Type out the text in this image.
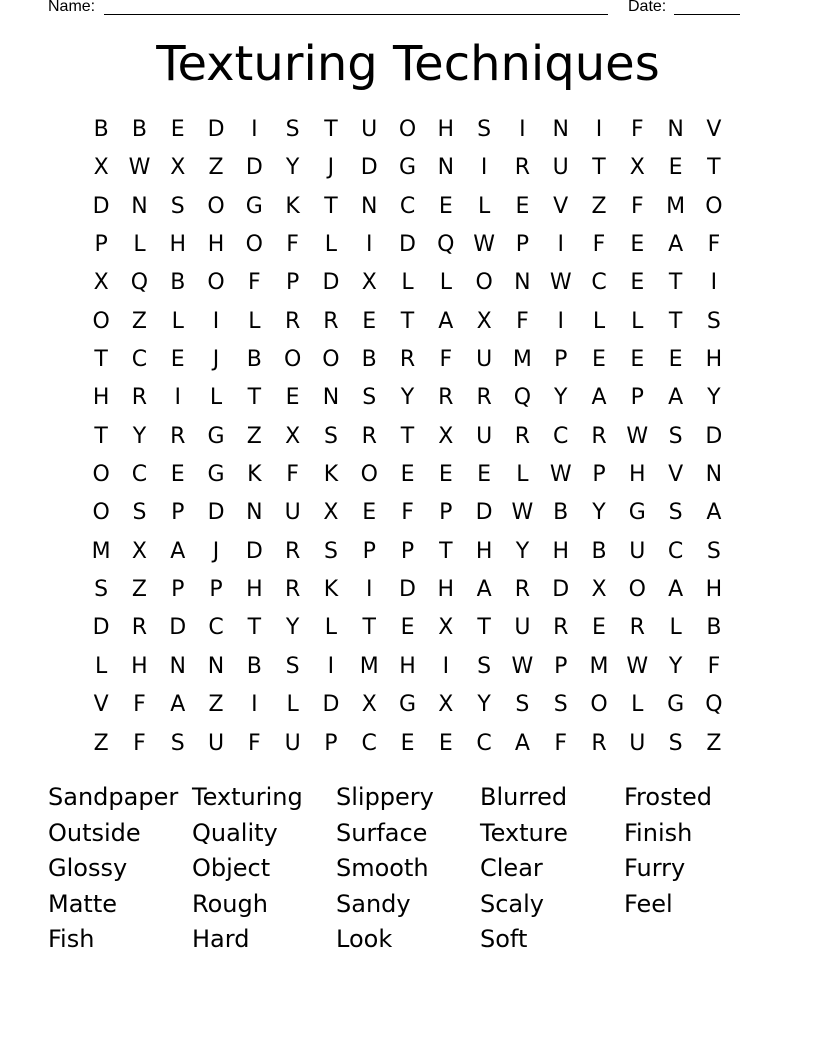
Name:	Date:
Texturing Techniques
B	B	E	D	I	S	T	U O H	S	I	N	I	F	N	V
X W X	Z	D	Y	J	D G N	I	R	U	T	X	E	T
D N	S	O G	K	T	N	C	E	L	E	V	Z	F	M O
P	L	H H O	F	L	I	D Q W P	I	F	E	A	F
X	Q	B	O	F	P	D	X	L	L	O N W C	E	T	I
O	Z	L	I	L	R	R	E	T	A	X	F	I	L	L	T	S
T	C	E	J	B	O O	B	R	F	U M	P	E	E	E	H
H	R	I	L	T	E	N	S	Y	R	R Q	Y	A	P	A	Y
T	Y	R	G	Z	X	S	R	T	X	U	R	C	R W S	D
O C	E	G	K	F	K	O	E	E	E	L W P	H	V	N
O	S	P	D N	U	X	E	F	P	D W B	Y	G	S	A
M X	A	J	D	R	S	P	P	T	H	Y	H	B	U	C	S
S	Z	P	P	H	R	K	I	D H	A	R	D	X	O	A	H
D	R	D	C	T	Y	L	T	E	X	T	U	R	E	R	L	B
L	H N N	B	S	I	M H	I	S W P	M W Y	F
V	F	A	Z	I	L	D	X	G	X	Y	S	S	O	L	G Q
Z	F	S	U	F	U	P	C	E	E	C	A	F	R	U	S	Z
Sandpaper Texturing	Slippery	Blurred	Frosted
Outside	Quality	Surface	Texture	Finish
Glossy	Object	Smooth	Clear	Furry
Matte	Rough	Sandy	Scaly	Feel
Fish	Hard	Look	Soft
